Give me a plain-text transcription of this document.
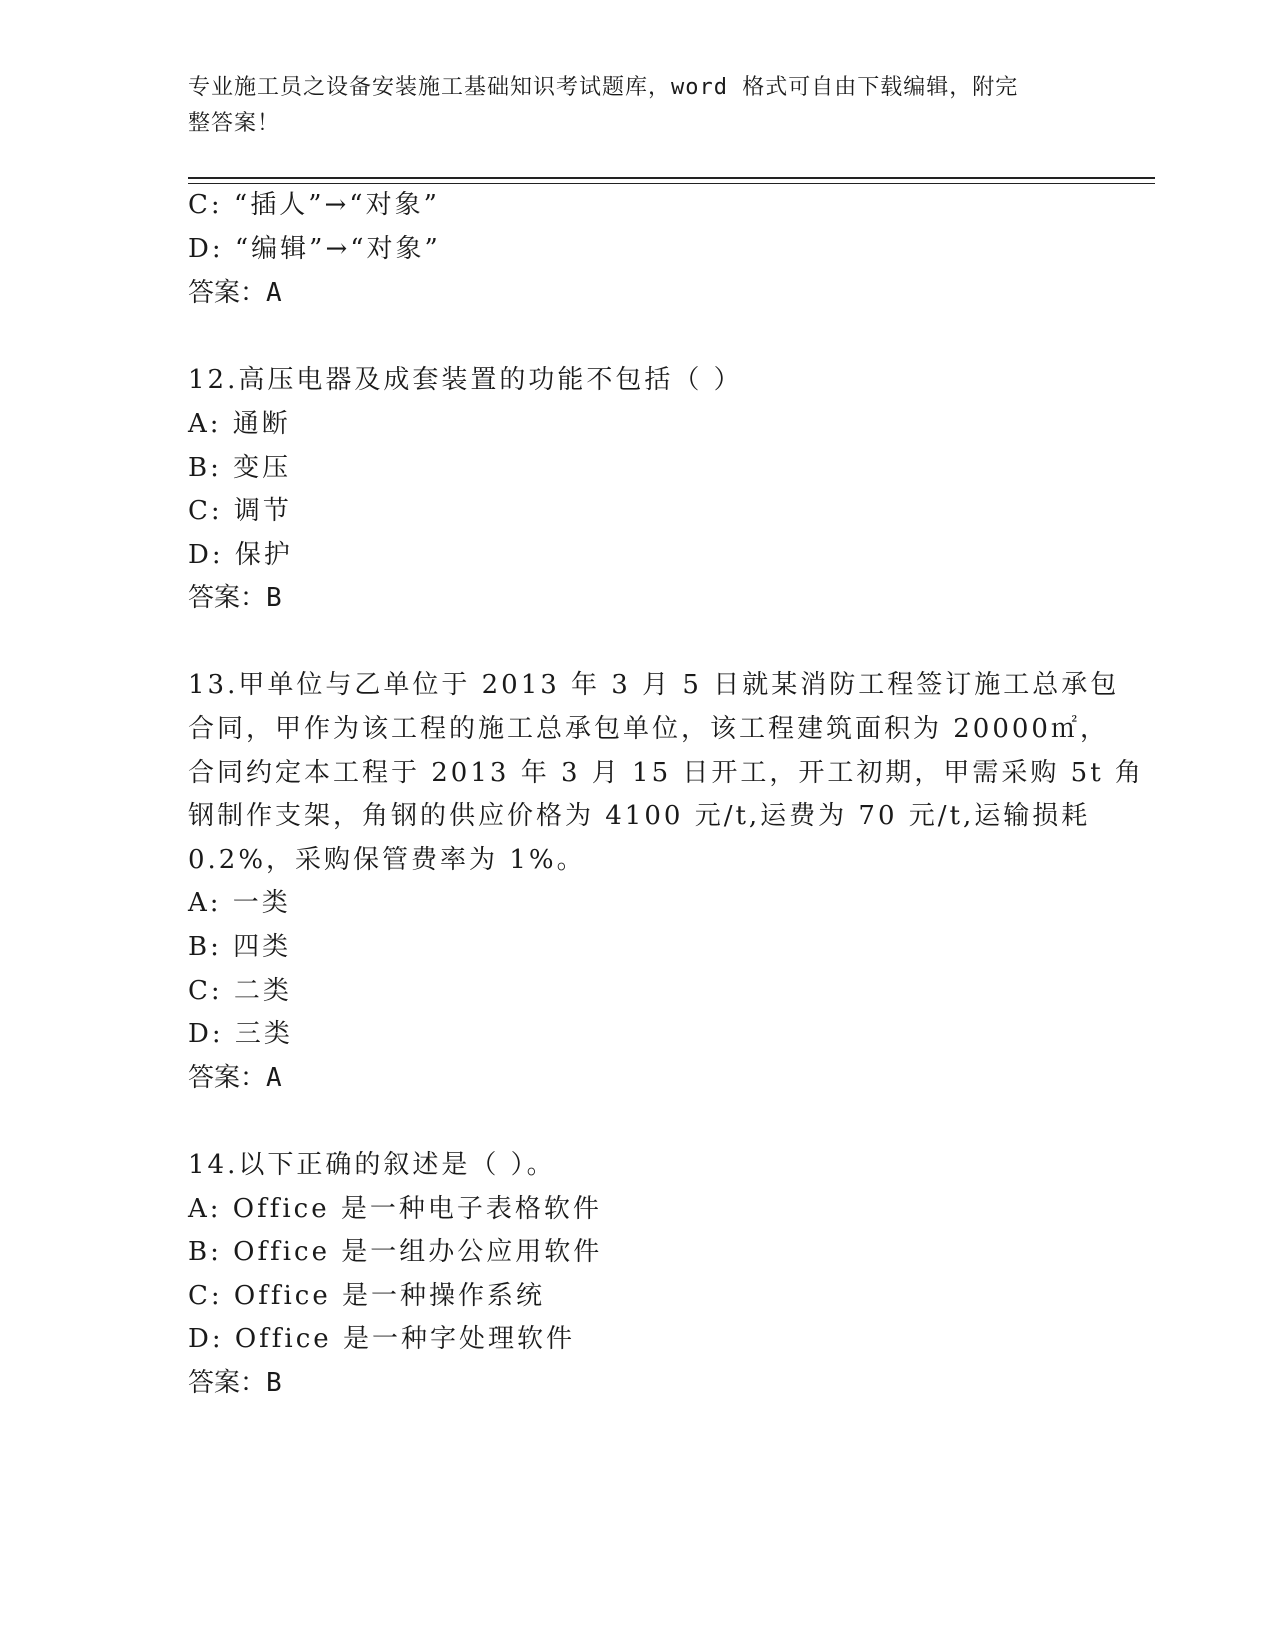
专业施工员之设备安装施工基础知识考试题库，word 格式可自由下载编辑，附完
整答案！
C: “插人”→“对象”
D: “编辑”→“对象”
答案：A
12.高压电器及成套装置的功能不包括（ ）
A: 通断
B: 变压
C: 调节
D: 保护
答案：B
13.甲单位与乙单位于 2013 年 3 月 5 日就某消防工程签订施工总承包
合同，甲作为该工程的施工总承包单位，该工程建筑面积为 20000㎡，
合同约定本工程于 2013 年 3 月 15 日开工，开工初期，甲需采购 5t 角
钢制作支架，角钢的供应价格为 4100 元/t,运费为 70 元/t,运输损耗
0.2%，采购保管费率为 1%。
A: 一类
B: 四类
C: 二类
D: 三类
答案：A
14.以下正确的叙述是（ ）。
A: Office 是一种电子表格软件
B: Office 是一组办公应用软件
C: Office 是一种操作系统
D: Office 是一种字处理软件
答案：B
